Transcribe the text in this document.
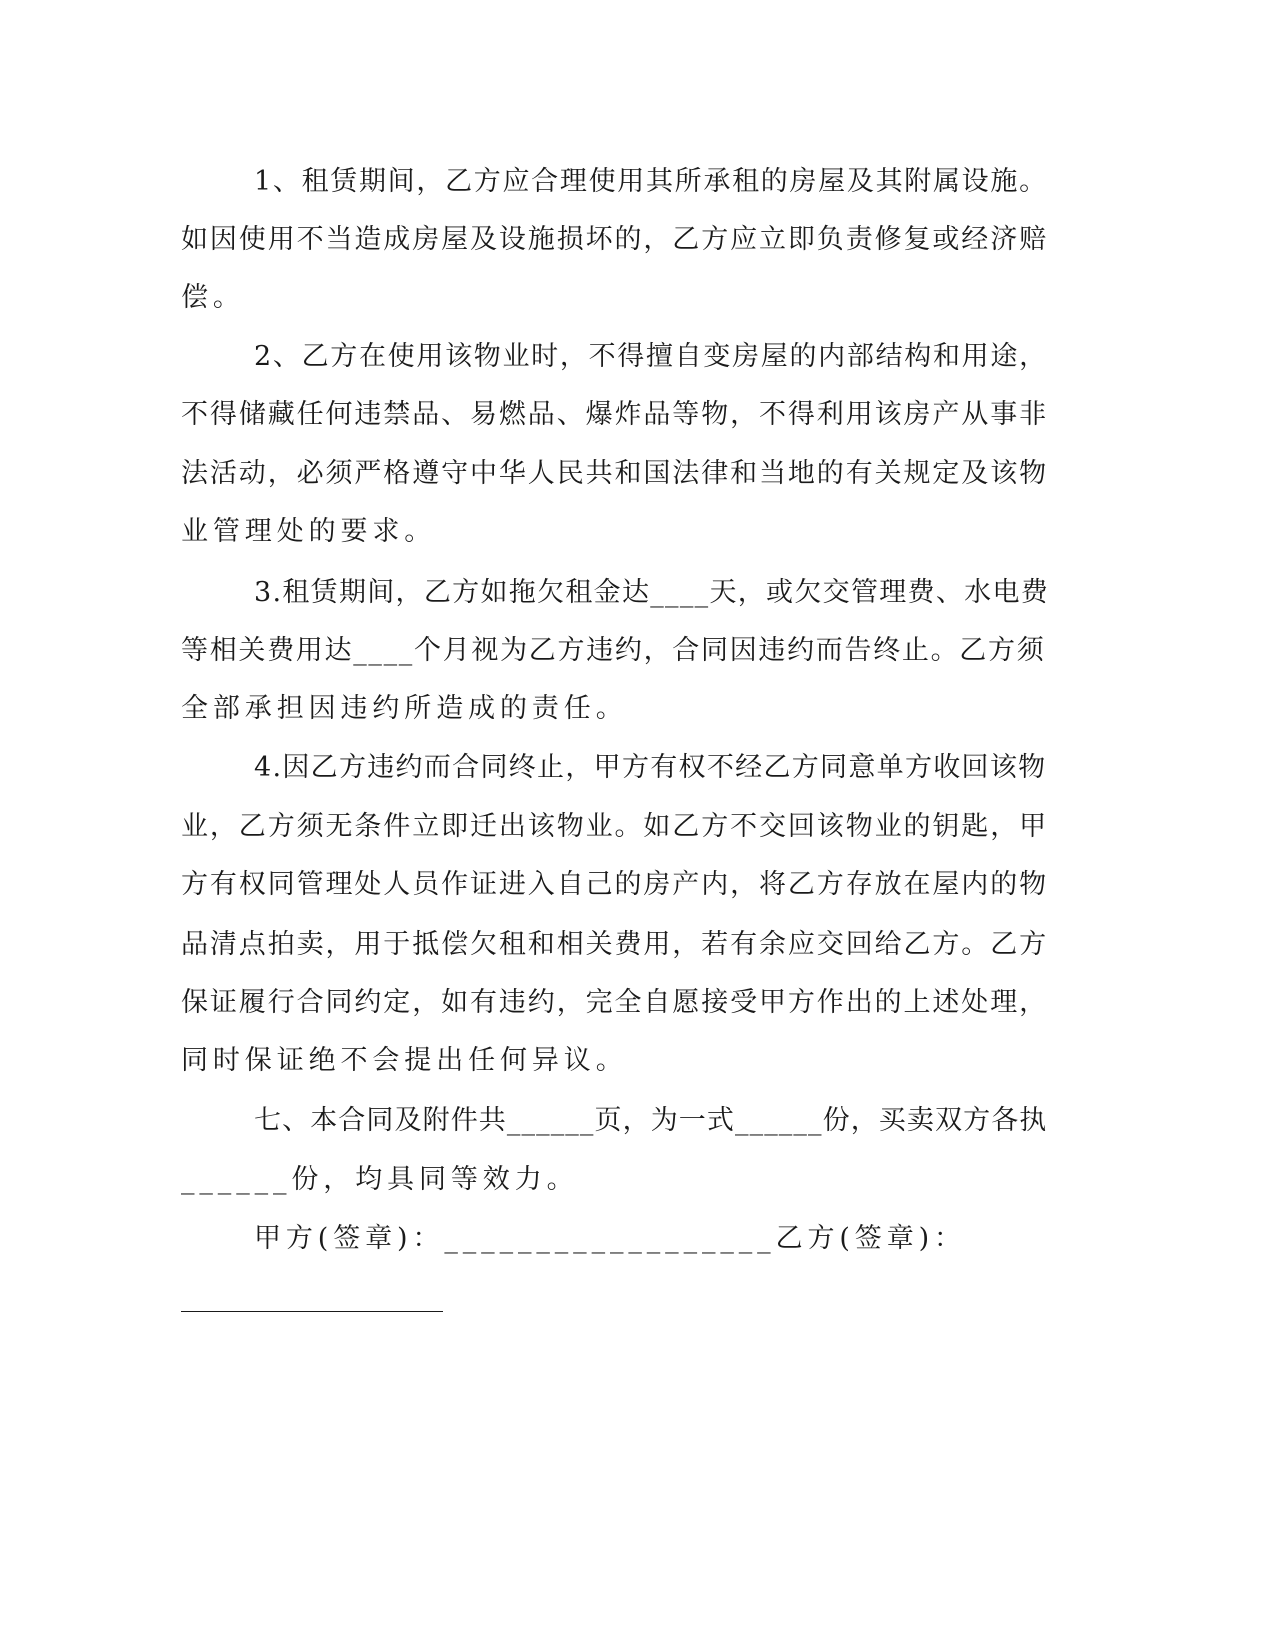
1、租赁期间，乙方应合理使用其所承租的房屋及其附属设施。
如因使用不当造成房屋及设施损坏的，乙方应立即负责修复或经济赔
偿。
2、乙方在使用该物业时，不得擅自变房屋的内部结构和用途，
不得储藏任何违禁品、易燃品、爆炸品等物，不得利用该房产从事非
法活动，必须严格遵守中华人民共和国法律和当地的有关规定及该物
业管理处的要求。
3.租赁期间，乙方如拖欠租金达____天，或欠交管理费、水电费
等相关费用达____个月视为乙方违约，合同因违约而告终止。乙方须
全部承担因违约所造成的责任。
4.因乙方违约而合同终止，甲方有权不经乙方同意单方收回该物
业，乙方须无条件立即迁出该物业。如乙方不交回该物业的钥匙，甲
方有权同管理处人员作证进入自己的房产内，将乙方存放在屋内的物
品清点拍卖，用于抵偿欠租和相关费用，若有余应交回给乙方。乙方
保证履行合同约定，如有违约，完全自愿接受甲方作出的上述处理，
同时保证绝不会提出任何异议。
七、本合同及附件共______页，为一式______份，买卖双方各执
______份，均具同等效力。
甲方(签章)：__________________乙方(签章)：
